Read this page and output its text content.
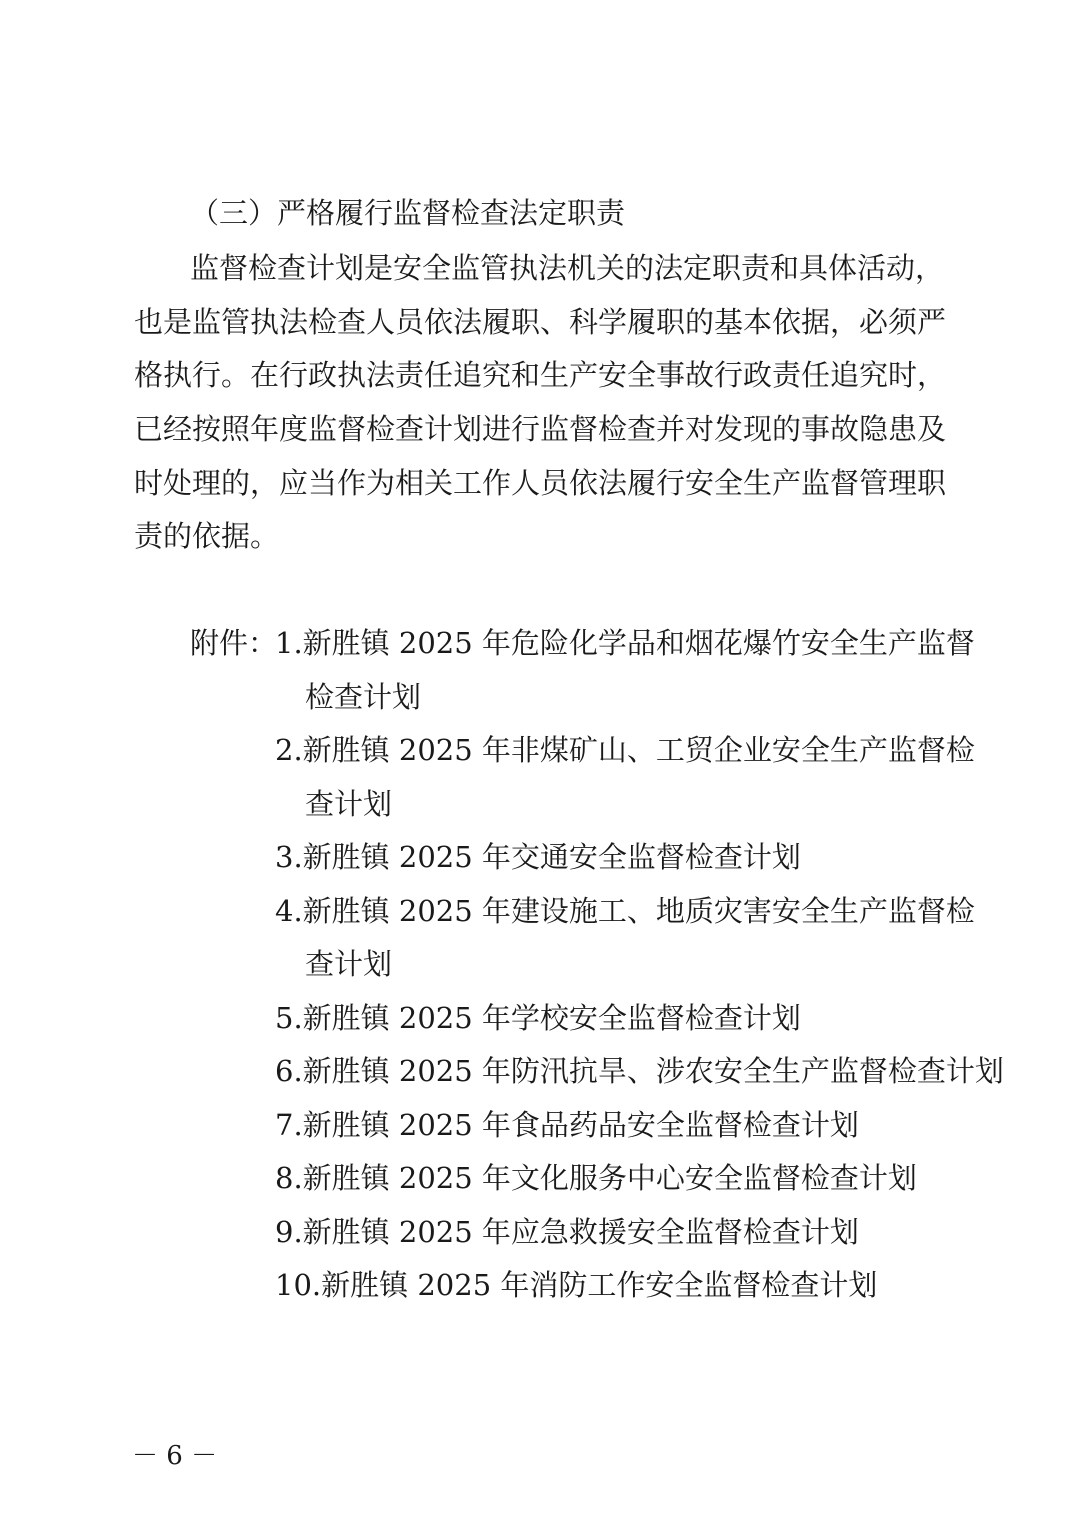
（三）严格履行监督检查法定职责
监督检查计划是安全监管执法机关的法定职责和具体活动，
也是监管执法检查人员依法履职、科学履职的基本依据，必须严
格执行。在行政执法责任追究和生产安全事故行政责任追究时，
已经按照年度监督检查计划进行监督检查并对发现的事故隐患及
时处理的，应当作为相关工作人员依法履行安全生产监督管理职
责的依据。
附件：
1.新胜镇 2025 年危险化学品和烟花爆竹安全生产监督
检查计划
2.新胜镇 2025 年非煤矿山、工贸企业安全生产监督检
查计划
3.新胜镇 2025 年交通安全监督检查计划
4.新胜镇 2025 年建设施工、地质灾害安全生产监督检
查计划
5.新胜镇 2025 年学校安全监督检查计划
6.新胜镇 2025 年防汛抗旱、涉农安全生产监督检查计划
7.新胜镇 2025 年食品药品安全监督检查计划
8.新胜镇 2025 年文化服务中心安全监督检查计划
9.新胜镇 2025 年应急救援安全监督检查计划
10.新胜镇 2025 年消防工作安全监督检查计划
－ 6 －
